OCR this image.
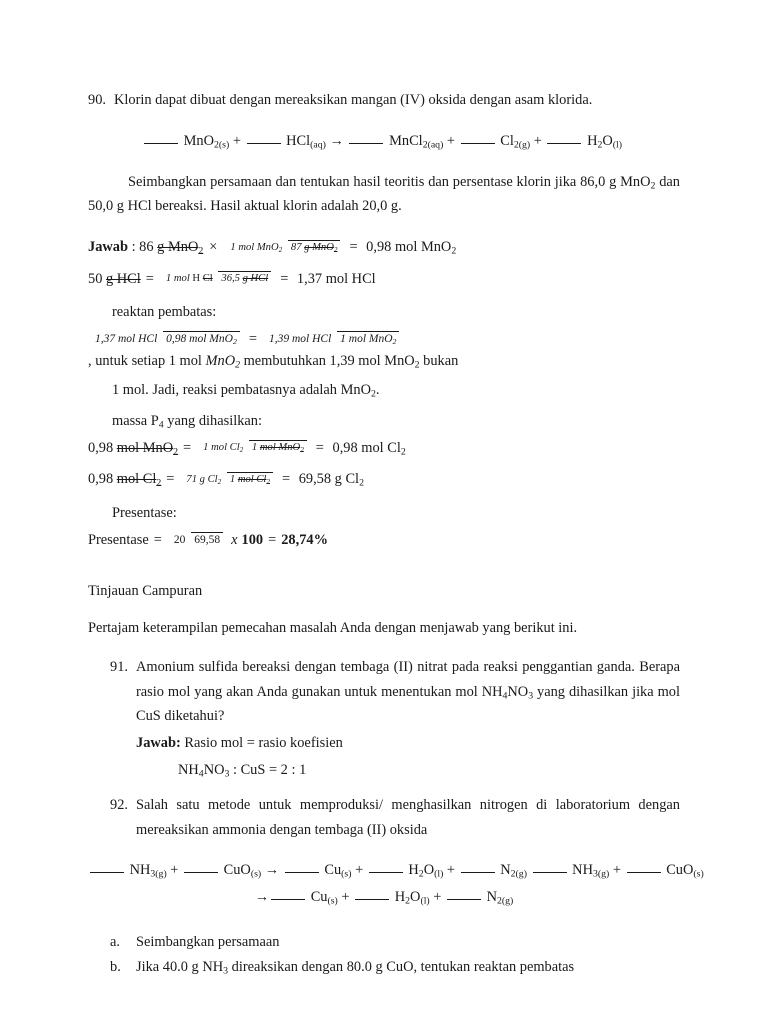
90. Klorin dapat dibuat dengan mereaksikan mangan (IV) oksida dengan asam klorida.
MnO$_{2(s)}$ +	HCl$_{(aq)}$ →	MnCl$_{2(aq)}$ +	$Cl_{2(g)}$ +	$H_2O_{(l)}$
Seimbangkan persamaan dan tentukan hasil teoritis dan persentase klorin jika 86,0 g MnO$_2$ dan 50,0 g HCl bereaksi. Hasil aktual klorin adalah 20,0 g.
Jawab : 86 g MnO$_2$ × 1 mol MnO$_2$ 87 g MnO$_2$ = 0,98 mol MnO$_2$
50 g HCl = 1 mol H Cl 36,5 g HCl = 1,37 mol HCl
reaktan pembatas:
1,37 mol HCl 0,98 mol MnO$_2$ = 1,39 mol HCl 1 mol MnO$_2$
, untuk setiap 1 mol MnO$_2$ membutuhkan 1,39 mol MnO$_2$ bukan
1 mol. Jadi, reaksi pembatasnya adalah MnO$_2$.
massa $P_4$ yang dihasilkan:
0,98 mol MnO$_2$ = 1 mol $Cl_2$ 1 mol MnO$_2$ = 0,98 mol $Cl_2$
0,98 mol $Cl_2 = 71$ g $Cl_2$ 1 mol $Cl_2 = 69,58$ g $Cl_2$
Presentase:
Presentase = 20 69,58 x 100 = 28,74%
Tinjauan Campuran
Pertajam keterampilan pemecahan masalah Anda dengan menjawab yang berikut ini.
91. Amonium sulfida bereaksi dengan tembaga (II) nitrat pada reaksi penggantian ganda. Berapa rasio mol yang akan Anda gunakan untuk menentukan mol $NH_4NO_3$ yang dihasilkan jika mol CuS diketahui?
Jawab: Rasio mol = rasio koefisien
$NH_4NO_3$ : CuS = 2 : 1
92. Salah satu metode untuk memproduksi/ menghasilkan nitrogen di laboratorium dengan mereaksikan ammonia dengan tembaga (II) oksida
$NH_{3(g)}$ +	CuO$_{(s)}$ →	$Cu_{(s)}$ +	$H_2O_{(l)}$ +	$N_{2(g)}$	$NH_{3(g)}$ +	CuO$_{(s)}$
→	$Cu_{(s)}$ +	$H_2O_{(l)}$ +	$N_{2(g)}$
a.	Seimbangkan persamaan
b.	Jika 40.0 g $NH_3$ direaksikan dengan 80.0 g CuO, tentukan reaktan pembatas
